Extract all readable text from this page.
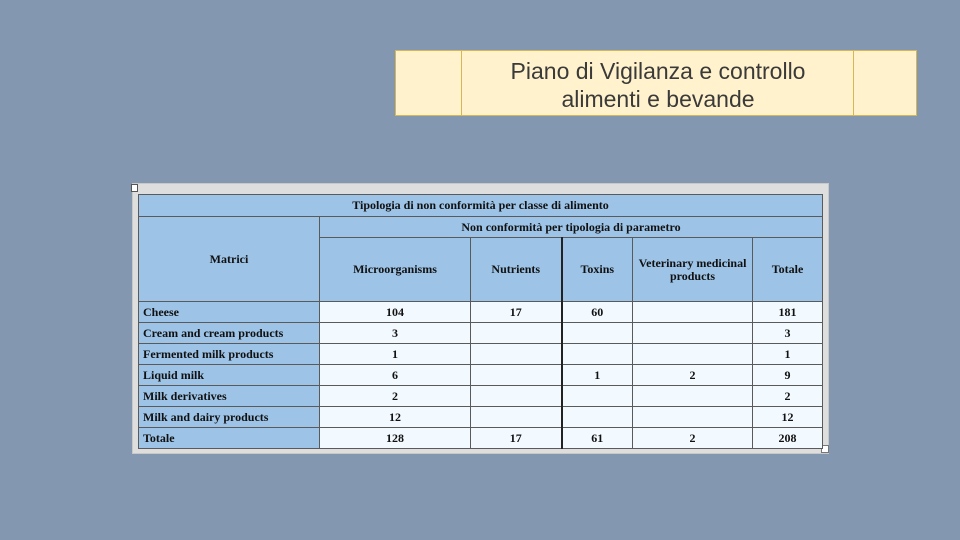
Piano di Vigilanza e controllo
alimenti e bevande
Tipologia di non conformità per classe di alimento					
Matrici	Non conformità per tipologia di parametro				
	Microorganisms	Nutrients	Toxins	Veterinary medicinal products	Totale
Cheese	104	17	60		181
Cream and cream products	3				3
Fermented milk products	1				1
Liquid milk	6		1	2	9
Milk derivatives	2				2
Milk and dairy products	12				12
Totale	128	17	61	2	208
